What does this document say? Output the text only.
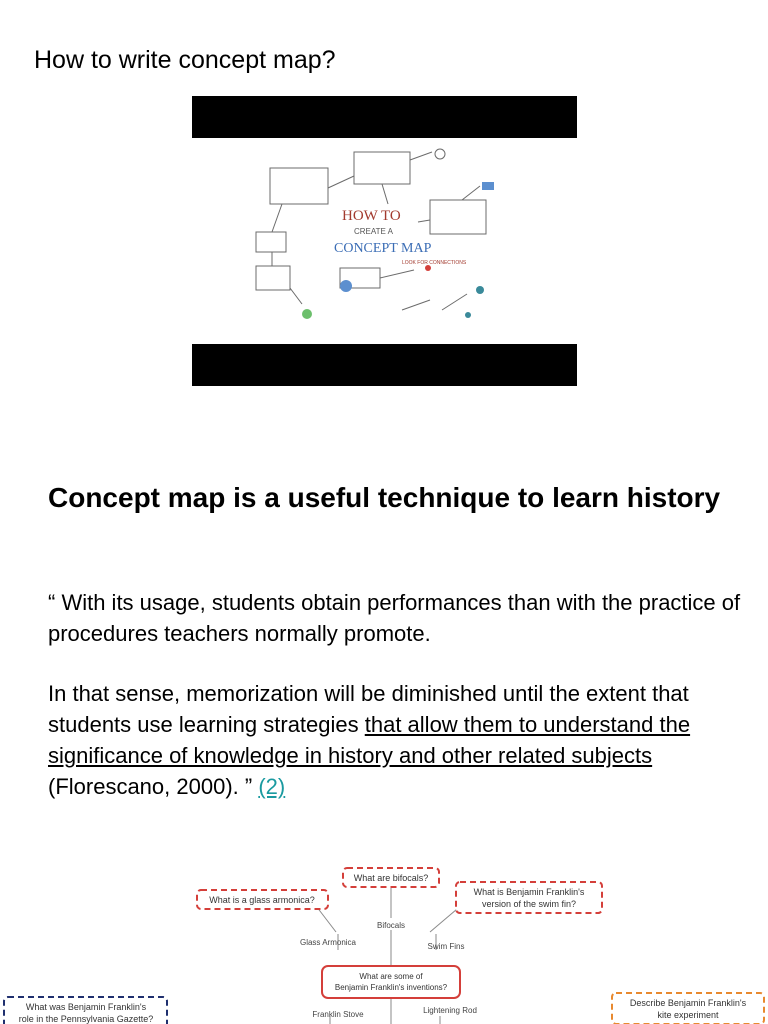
How to write concept map?
HOW TO
CREATE A
CONCEPT MAP
LOOK FOR CONNECTIONS
Concept map is a useful technique to learn history
“ With its usage, students obtain performances than with the practice of procedures teachers normally promote.
In that sense, memorization will be diminished until the extent that students use learning strategies that allow them to understand the significance of knowledge in history and other related subjects (Florescano, 2000). ” (2)
What are bifocals?
What is a glass armonica?
What is Benjamin Franklin's
version of the swim fin?
What are some of
Benjamin Franklin's inventions?
What was Benjamin Franklin's
role in the Pennsylvania Gazette?
Describe Benjamin Franklin's
kite experiment
Bifocals
Glass Armonica	Swim Fins
Franklin Stove	Lightening Rod
